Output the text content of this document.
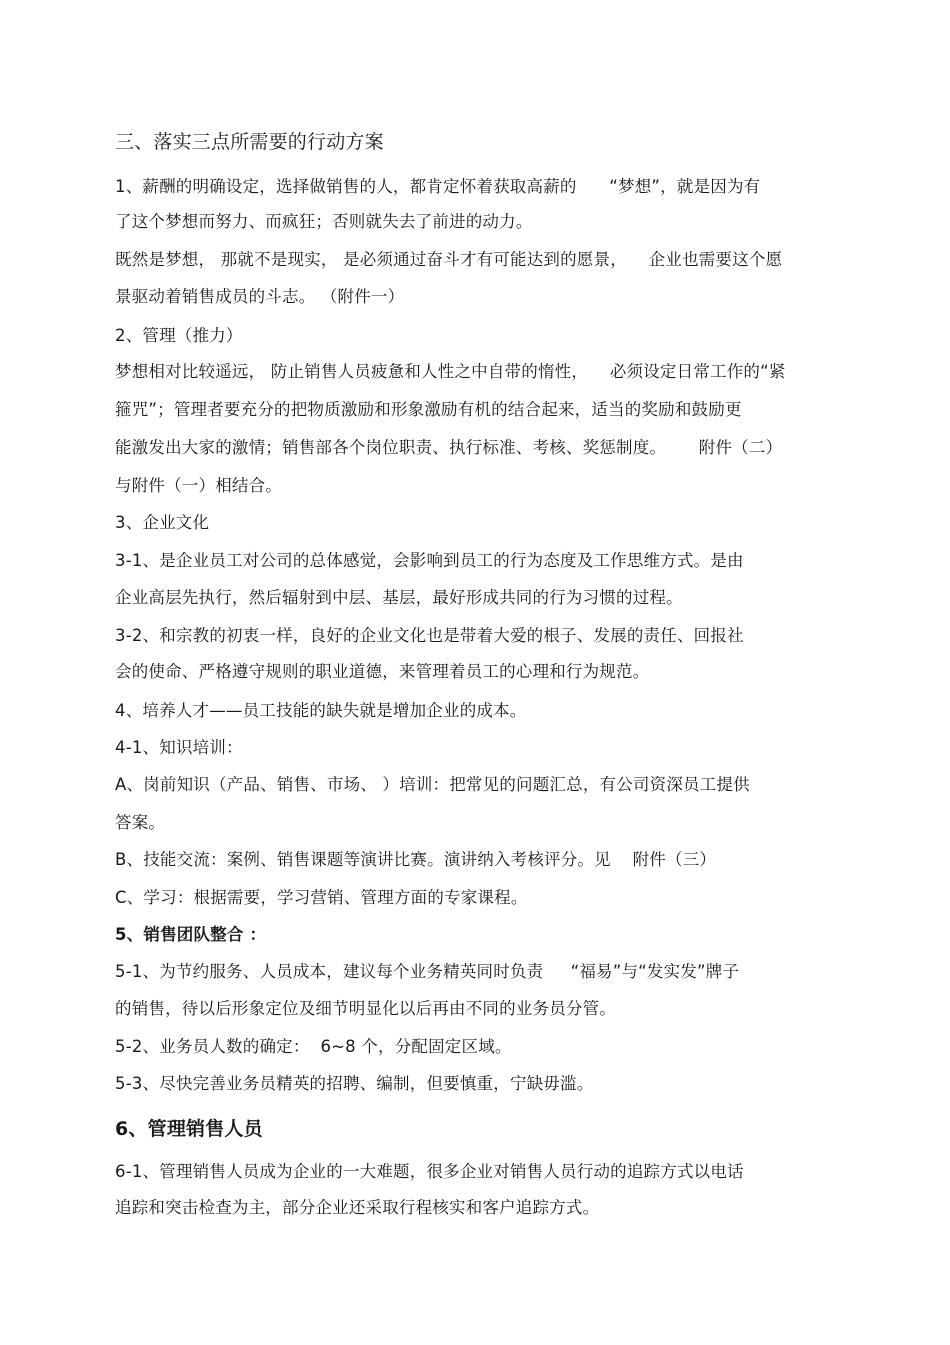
三、落实三点所需要的行动方案
1、薪酬的明确设定，选择做销售的人，都肯定怀着获取高薪的      “梦想”，就是因为有
了这个梦想而努力、而疯狂；否则就失去了前进的动力。
既然是梦想， 那就不是现实， 是必须通过奋斗才有可能达到的愿景，    企业也需要这个愿
景驱动着销售成员的斗志。 （附件一）
2、管理（推力）
梦想相对比较遥远， 防止销售人员疲惫和人性之中自带的惰性，    必须设定日常工作的“紧
箍咒”；管理者要充分的把物质激励和形象激励有机的结合起来，适当的奖励和鼓励更
能激发出大家的激情；销售部各个岗位职责、执行标准、考核、奖惩制度。      附件（二）
与附件（一）相结合。
3、企业文化
3-1、是企业员工对公司的总体感觉，会影响到员工的行为态度及工作思维方式。是由
企业高层先执行，然后辐射到中层、基层，最好形成共同的行为习惯的过程。
3-2、和宗教的初衷一样，良好的企业文化也是带着大爱的根子、发展的责任、回报社
会的使命、严格遵守规则的职业道德，来管理着员工的心理和行为规范。
4、培养人才——员工技能的缺失就是增加企业的成本。
4-1、知识培训：
A、岗前知识（产品、销售、市场、 ）培训：把常见的问题汇总，有公司资深员工提供
答案。
B、技能交流：案例、销售课题等演讲比赛。演讲纳入考核评分。见    附件（三）
C、学习：根据需要，学习营销、管理方面的专家课程。
5、销售团队整合 ：
5-1、为节约服务、人员成本，建议每个业务精英同时负责     “福易”与“发实发”牌子
的销售，待以后形象定位及细节明显化以后再由不同的业务员分管。
5-2、业务员人数的确定：  6~8 个，分配固定区域。
5-3、尽快完善业务员精英的招聘、编制，但要慎重，宁缺毋滥。
6、管理销售人员
6-1、管理销售人员成为企业的一大难题，很多企业对销售人员行动的追踪方式以电话
追踪和突击检查为主，部分企业还采取行程核实和客户追踪方式。
